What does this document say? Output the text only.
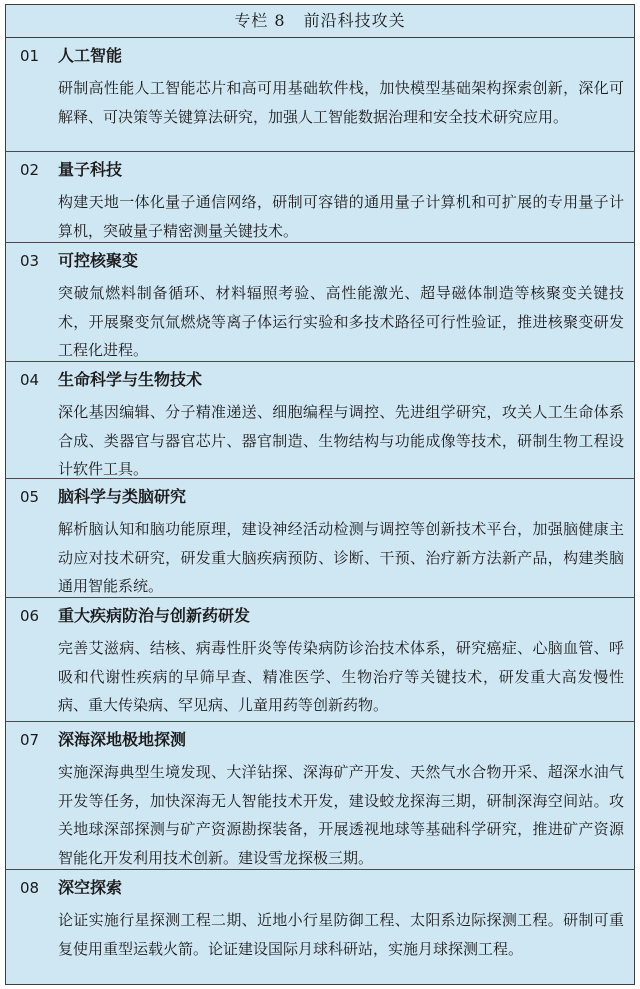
专栏 8 前沿科技攻关
01 人工智能
研制高性能人工智能芯片和高可用基础软件栈，加快模型基础架构探索创新，深化可解释、可决策等关键算法研究，加强人工智能数据治理和安全技术研究应用。
02 量子科技
构建天地一体化量子通信网络，研制可容错的通用量子计算机和可扩展的专用量子计算机，突破量子精密测量关键技术。
03 可控核聚变
突破氚燃料制备循环、材料辐照考验、高性能激光、超导磁体制造等核聚变关键技术，开展聚变氘氚燃烧等离子体运行实验和多技术路径可行性验证，推进核聚变研发工程化进程。
04 生命科学与生物技术
深化基因编辑、分子精准递送、细胞编程与调控、先进组学研究，攻关人工生命体系合成、类器官与器官芯片、器官制造、生物结构与功能成像等技术，研制生物工程设计软件工具。
05 脑科学与类脑研究
解析脑认知和脑功能原理，建设神经活动检测与调控等创新技术平台，加强脑健康主动应对技术研究，研发重大脑疾病预防、诊断、干预、治疗新方法新产品，构建类脑通用智能系统。
06 重大疾病防治与创新药研发
完善艾滋病、结核、病毒性肝炎等传染病防诊治技术体系，研究癌症、心脑血管、呼吸和代谢性疾病的早筛早查、精准医学、生物治疗等关键技术，研发重大高发慢性病、重大传染病、罕见病、儿童用药等创新药物。
07 深海深地极地探测
实施深海典型生境发现、大洋钻探、深海矿产开发、天然气水合物开采、超深水油气开发等任务，加快深海无人智能技术开发，建设蛟龙探海三期，研制深海空间站。攻关地球深部探测与矿产资源勘探装备，开展透视地球等基础科学研究，推进矿产资源智能化开发利用技术创新。建设雪龙探极三期。
08 深空探索
论证实施行星探测工程二期、近地小行星防御工程、太阳系边际探测工程。研制可重复使用重型运载火箭。论证建设国际月球科研站，实施月球探测工程。
